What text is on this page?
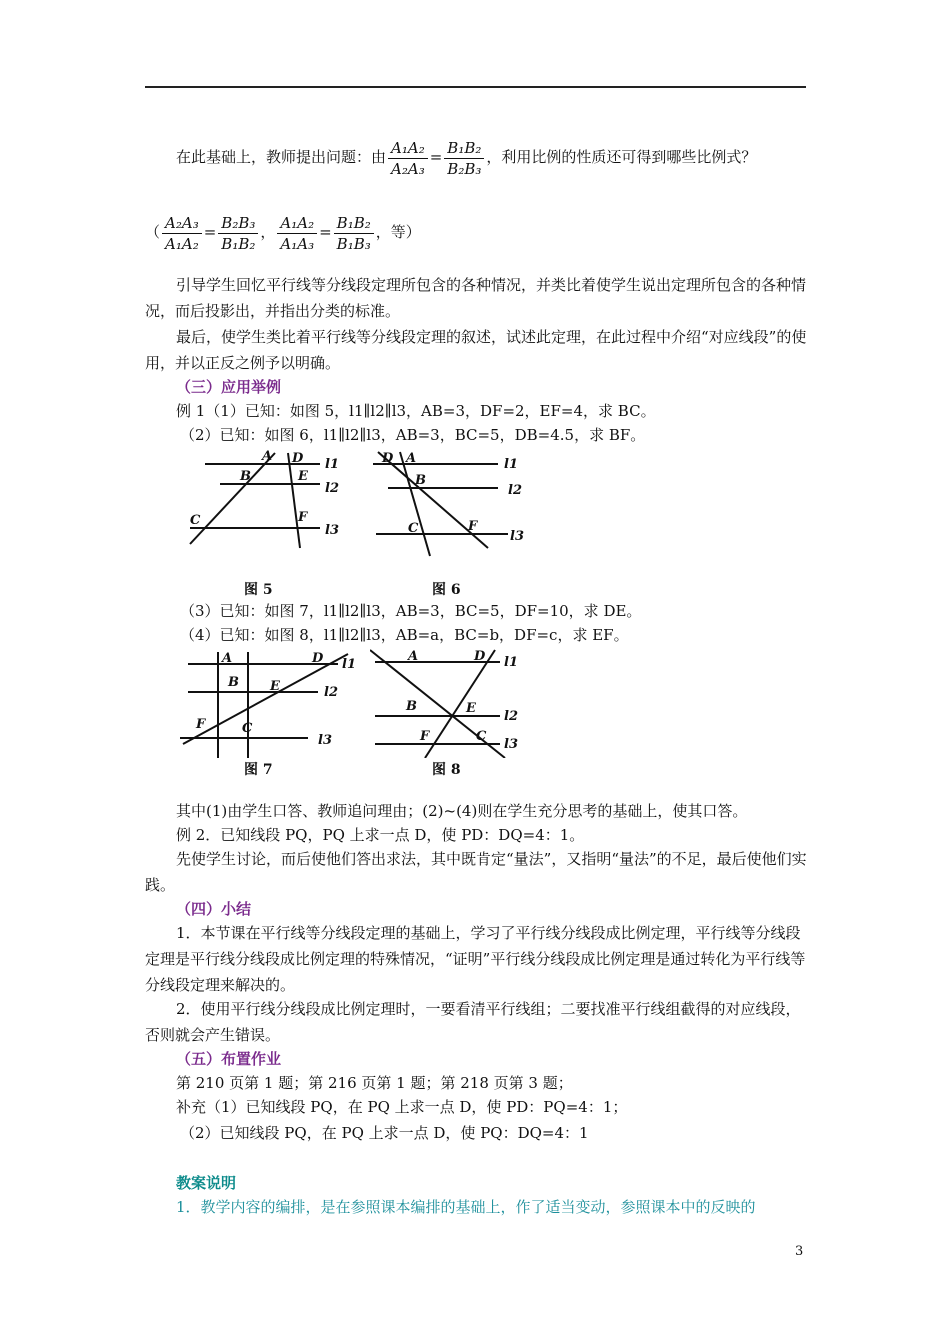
在此基础上，教师提出问题：由 $\frac{\text{A₁A₂}}{\text{A₂A₃}} = \frac{\text{B₁B₂}}{\text{B₂B₃}}$ ，利用比例的性质还可得到哪些比例式？
（ $\frac{\text{A₂A₃}}{\text{A₁A₂}} = \frac{\text{B₂B₃}}{\text{B₁B₂}}$ ， $\frac{\text{A₁A₂}}{\text{A₁A₃}} = \frac{\text{B₁B₂}}{\text{B₁B₃}}$ ，等）
引导学生回忆平行线等分线段定理所包含的各种情况，并类比着使学生说出定理所包含的各种情况，而后投影出，并指出分类的标准。
最后，使学生类比着平行线等分线段定理的叙述，试述此定理，在此过程中介绍“对应线段”的使用，并以正反之例予以明确。
（三）应用举例
例 1（1）已知：如图 5，l1∥l2∥l3，AB=3，DF=2，EF=4，求 BC。
（2）已知：如图 6，l1∥l2∥l3，AB=3，BC=5，DB=4.5，求 BF。
A D
B	E
C	F
l1
l2
l3
图 5
D A
B
C	F
l1
l2
l3
图 6
（3）已知：如图 7，l1∥l2∥l3，AB=3，BC=5，DF=10，求 DE。
（4）已知：如图 8，l1∥l2∥l3，AB=a，BC=b，DF=c，求 EF。
A	D
B E
F	C
l1
l2
l3
图 7
A	D
B	E
F	C
l1
l2
l3
图 8
其中(1)由学生口答、教师追问理由；(2)~(4)则在学生充分思考的基础上，使其口答。
例 2．已知线段 PQ，PQ 上求一点 D，使 PD：DQ=4：1。
先使学生讨论，而后使他们答出求法，其中既肯定“量法”，又指明“量法”的不足，最后使他们实践。
（四）小结
1．本节课在平行线等分线段定理的基础上，学习了平行线分线段成比例定理，平行线等分线段定理是平行线分线段成比例定理的特殊情况，“证明”平行线分线段成比例定理是通过转化为平行线等分线段定理来解决的。
2．使用平行线分线段成比例定理时，一要看清平行线组；二要找准平行线组截得的对应线段，否则就会产生错误。
（五）布置作业
第 210 页第 1 题；第 216 页第 1 题；第 218 页第 3 题；
补充（1）已知线段 PQ，在 PQ 上求一点 D，使 PD：PQ=4：1；
（2）已知线段 PQ，在 PQ 上求一点 D，使 PQ：DQ=4：1
教案说明
1．教学内容的编排，是在参照课本编排的基础上，作了适当变动，参照课本中的反映的
3
